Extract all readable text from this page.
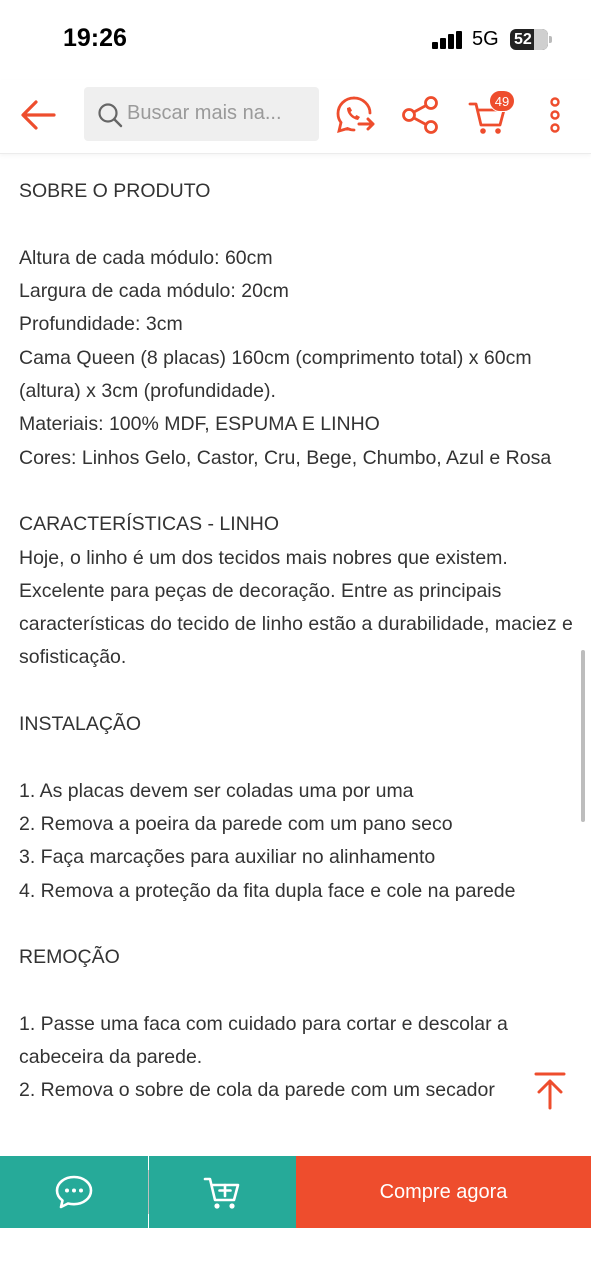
19:26	5G 52
Buscar mais na...
49

SOBRE O PRODUTO

Altura de cada módulo: 60cm

Largura de cada módulo: 20cm

Profundidade: 3cm

Cama Queen (8 placas) 160cm (comprimento total) x 60cm (altura) x 3cm (profundidade).

Materiais: 100% MDF, ESPUMA E LINHO

Cores: Linhos Gelo, Castor, Cru, Bege, Chumbo, Azul e Rosa

CARACTERÍSTICAS - LINHO

Hoje, o linho é um dos tecidos mais nobres que existem. Excelente para peças de decoração. Entre as principais características do tecido de linho estão a durabilidade, maciez e sofisticação.

INSTALAÇÃO

1. As placas devem ser coladas uma por uma

2. Remova a poeira da parede com um pano seco

3. Faça marcações para auxiliar no alinhamento

4. Remova a proteção da fita dupla face e cole na parede

REMOÇÃO

1. Passe uma faca com cuidado para cortar e descolar a cabeceira da parede.

2. Remova o sobre de cola da parede com um secador

Compre agora
